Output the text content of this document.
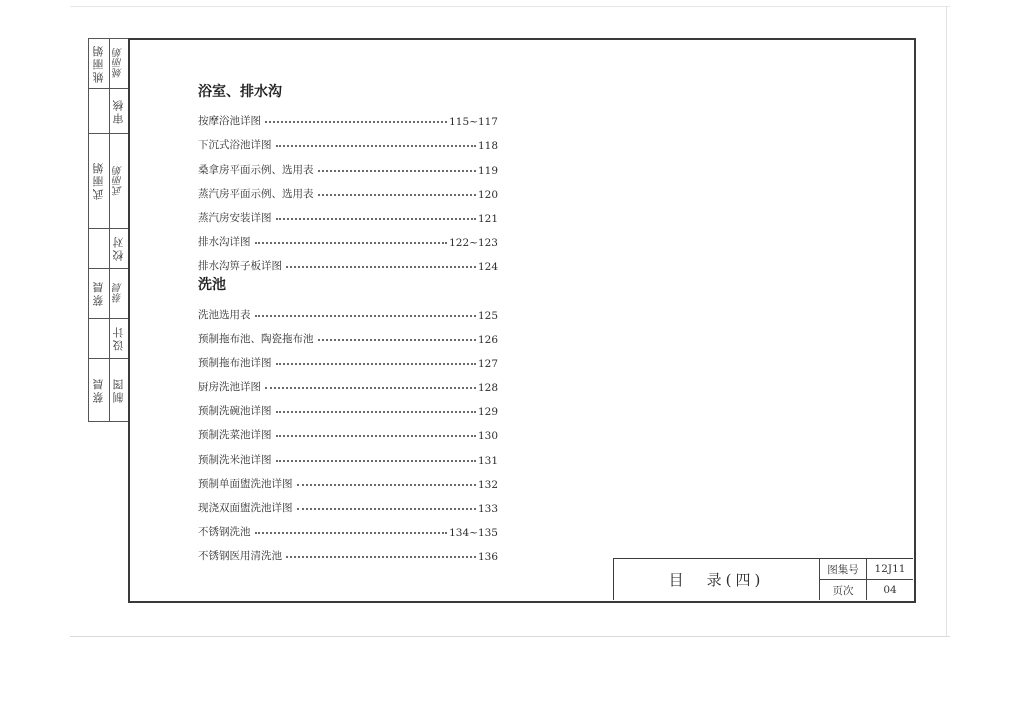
姚丽娟 姚丽娟
审核
武丽娟 武丽娟
校对
蔡晨 蔡晨
设计
蔡晨 制图
浴室、排水沟
按摩浴池详图	115~117
下沉式浴池详图	118
桑拿房平面示例、选用表	119
蒸汽房平面示例、选用表	120
蒸汽房安装详图	121
排水沟详图	122~123
排水沟箅子板详图	124
洗池
洗池选用表	125
预制拖布池、陶瓷拖布池	126
预制拖布池详图	127
厨房洗池详图	128
预制洗碗池详图	129
预制洗菜池详图	130
预制洗米池详图	131
预制单面盥洗池详图	132
现浇双面盥洗池详图	133
不锈钢洗池	134~135
不锈钢医用清洗池	136
目　录(四)
图集号	12J11
页次	04
